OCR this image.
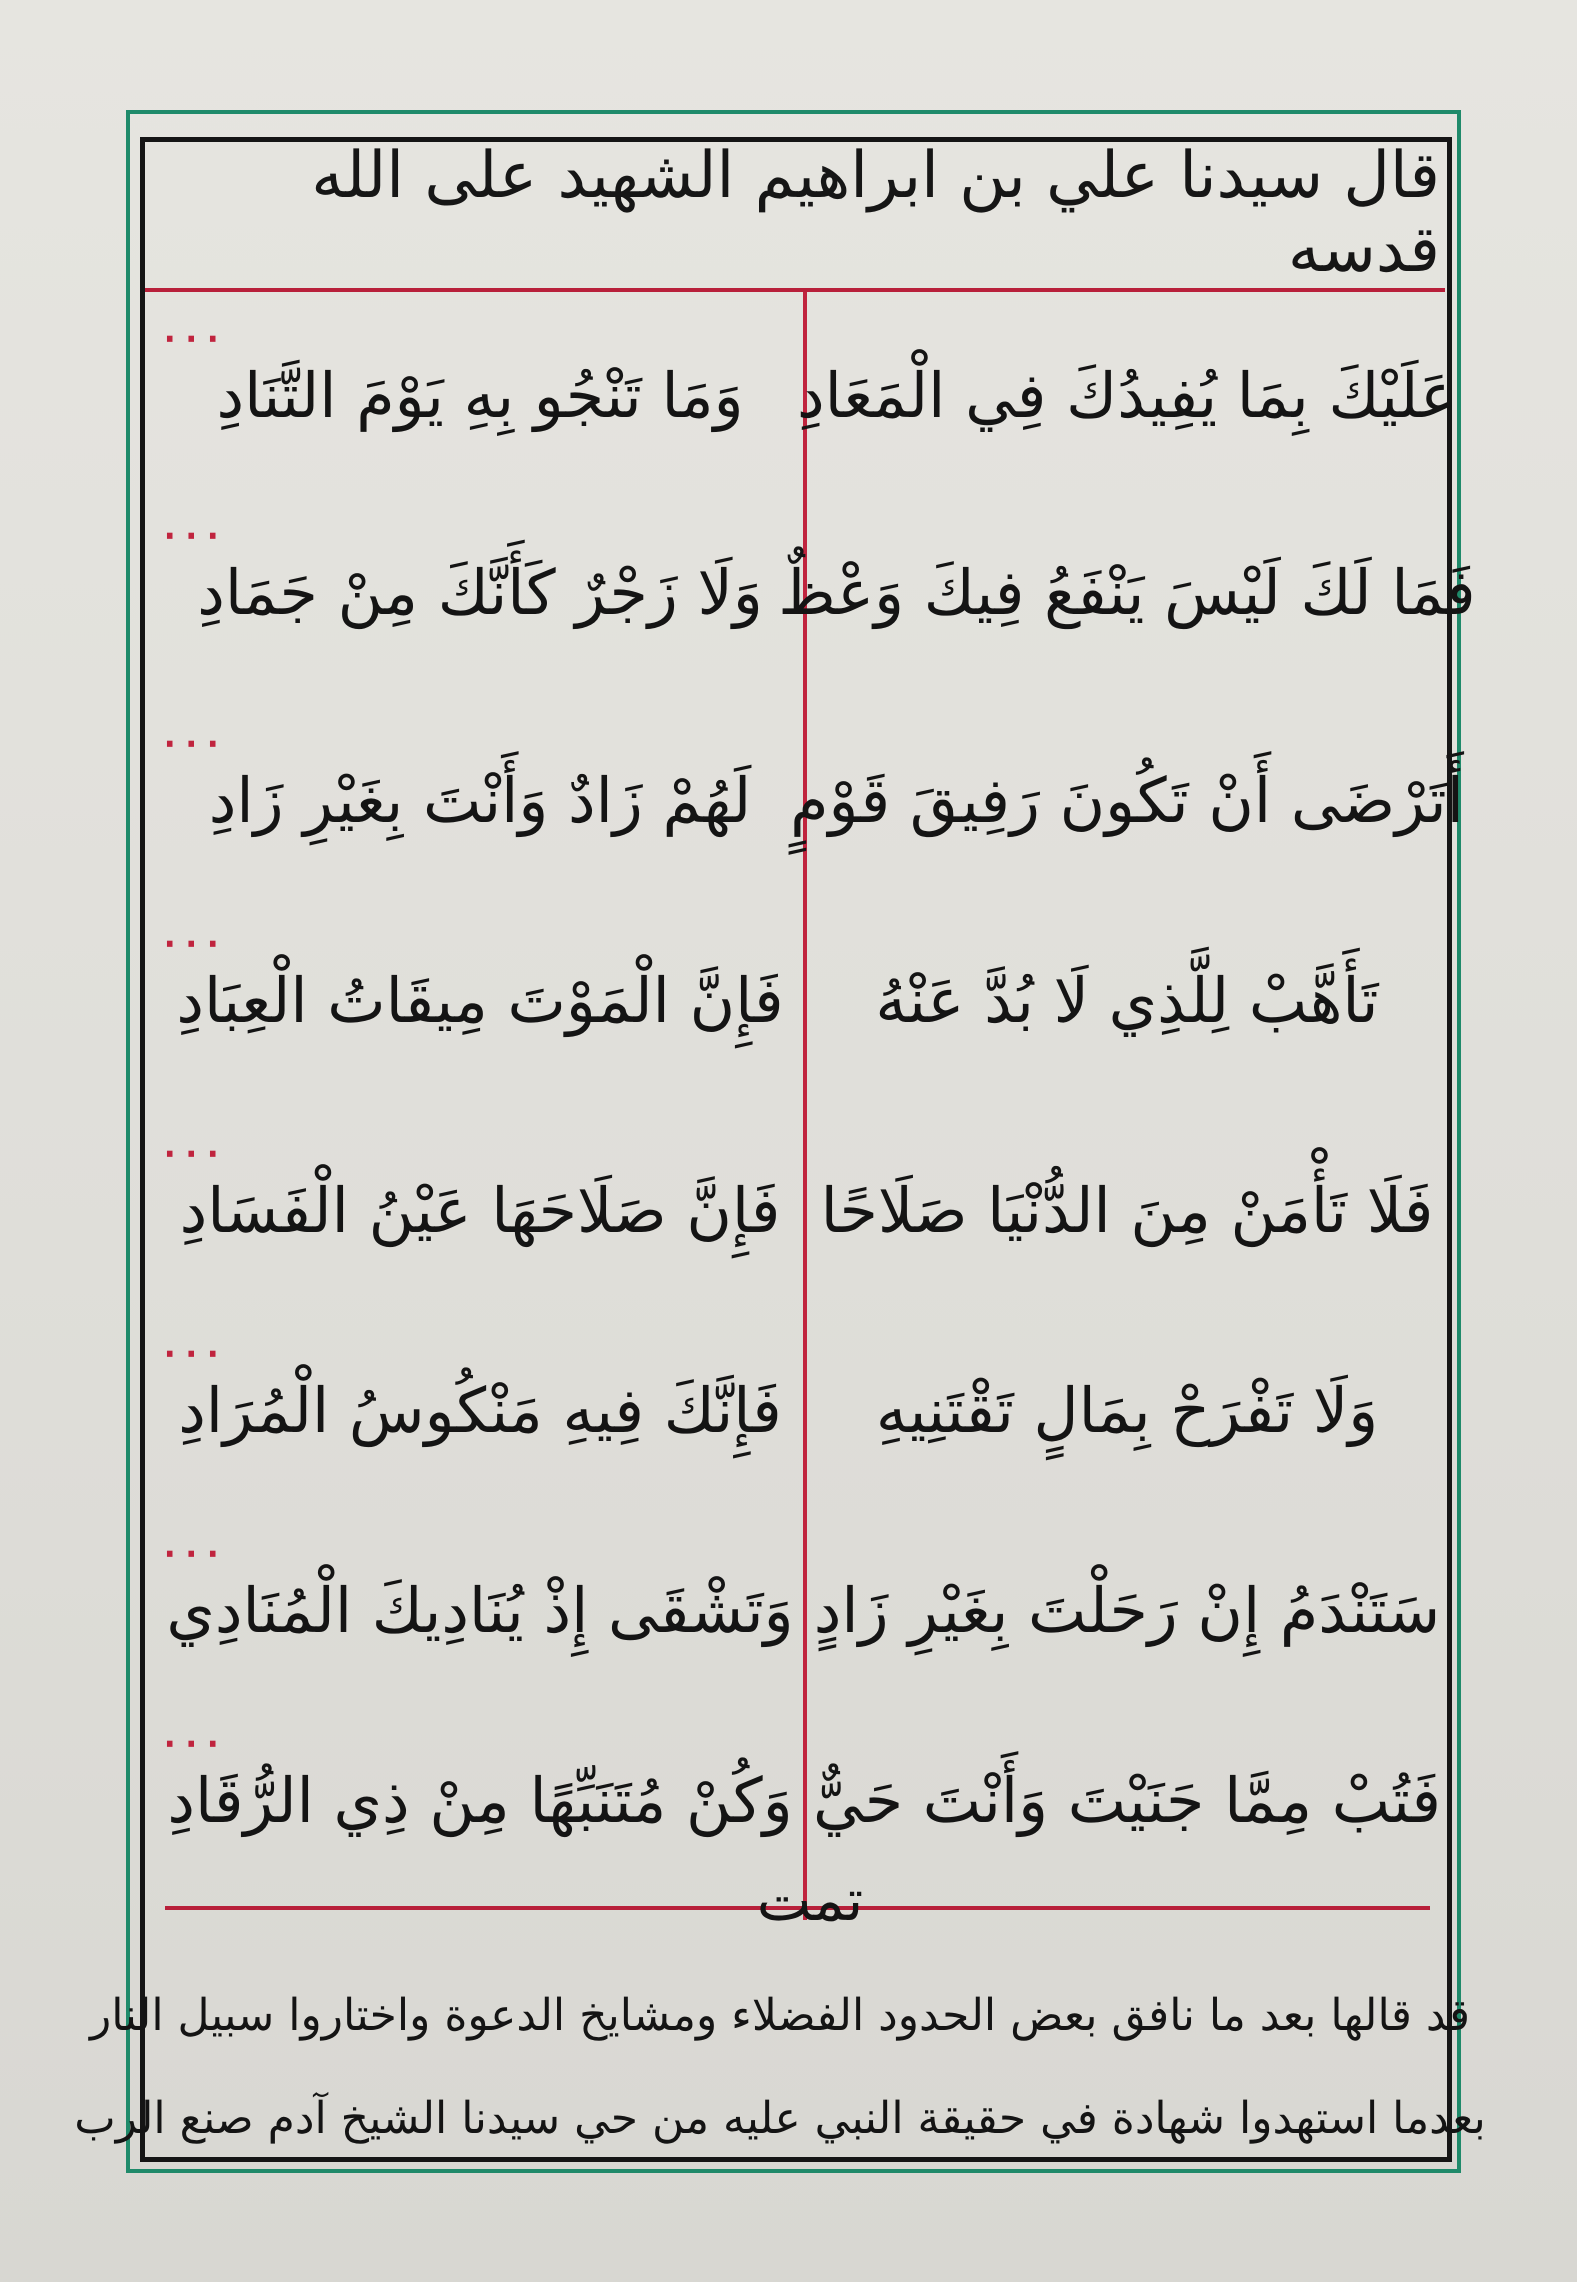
قال سيدنا علي بن ابراهيم الشهيد على الله قدسه
٠٠٠
عَلَيْكَ بِمَا يُفِيدُكَ فِي الْمَعَادِ
وَمَا تَنْجُو بِهِ يَوْمَ التَّنَادِ
٠٠٠
فَمَا لَكَ لَيْسَ يَنْفَعُ فِيكَ وَعْظٌ
وَلَا زَجْرٌ كَأَنَّكَ مِنْ جَمَادِ
٠٠٠
أَتَرْضَى أَنْ تَكُونَ رَفِيقَ قَوْمٍ
لَهُمْ زَادٌ وَأَنْتَ بِغَيْرِ زَادِ
٠٠٠
تَأَهَّبْ لِلَّذِي لَا بُدَّ عَنْهُ
فَإِنَّ الْمَوْتَ مِيقَاتُ الْعِبَادِ
٠٠٠
فَلَا تَأْمَنْ مِنَ الدُّنْيَا صَلَاحًا
فَإِنَّ صَلَاحَهَا عَيْنُ الْفَسَادِ
٠٠٠
وَلَا تَفْرَحْ بِمَالٍ تَقْتَنِيهِ
فَإِنَّكَ فِيهِ مَنْكُوسُ الْمُرَادِ
٠٠٠
سَتَنْدَمُ إِنْ رَحَلْتَ بِغَيْرِ زَادٍ
وَتَشْقَى إِذْ يُنَادِيكَ الْمُنَادِي
٠٠٠
فَتُبْ مِمَّا جَنَيْتَ وَأَنْتَ حَيٌّ
وَكُنْ مُتَنَبِّهًا مِنْ ذِي الرُّقَادِ
تمت
قد قالها بعد ما نافق بعض الحدود الفضلاء ومشايخ الدعوة واختاروا سبيل النار
بعدما استهدوا شهادة في حقيقة النبي عليه من حي سيدنا الشيخ آدم صنع الرب
